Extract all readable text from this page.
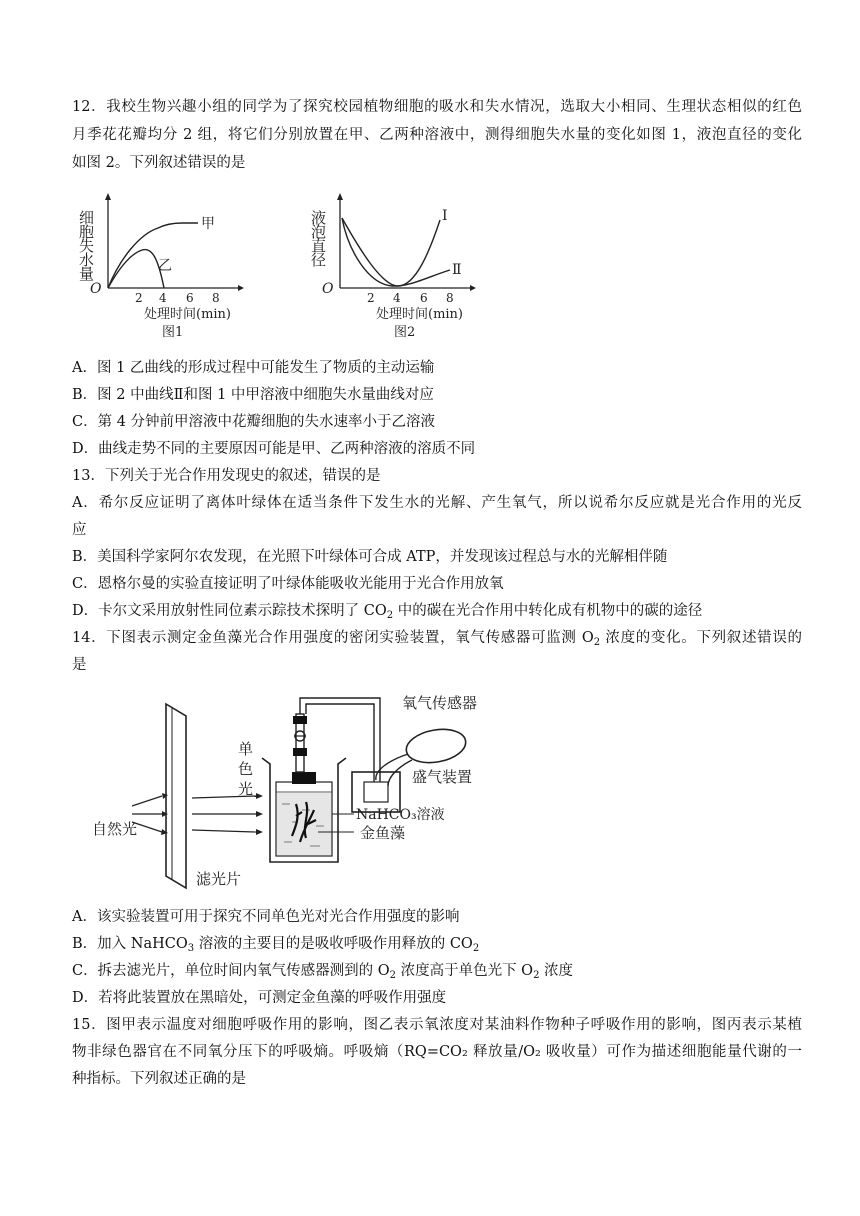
12．我校生物兴趣小组的同学为了探究校园植物细胞的吸水和失水情况，选取大小相同、生理状态相似的红色
月季花花瓣均分 2 组，将它们分别放置在甲、乙两种溶液中，测得细胞失水量的变化如图 1，液泡直径的变化
如图 2。下列叙述错误的是
细胞失水量
O
甲
乙
2 4 6 8
处理时间(min)
图1
液泡直径
O
Ⅰ
Ⅱ
2 4 6 8
处理时间(min)
图2
A．图 1 乙曲线的形成过程中可能发生了物质的主动运输
B．图 2 中曲线Ⅱ和图 1 中甲溶液中细胞失水量曲线对应
C．第 4 分钟前甲溶液中花瓣细胞的失水速率小于乙溶液
D．曲线走势不同的主要原因可能是甲、乙两种溶液的溶质不同
13．下列关于光合作用发现史的叙述，错误的是
A．希尔反应证明了离体叶绿体在适当条件下发生水的光解、产生氧气，所以说希尔反应就是光合作用的光反
应
B．美国科学家阿尔农发现，在光照下叶绿体可合成 ATP，并发现该过程总与水的光解相伴随
C．恩格尔曼的实验直接证明了叶绿体能吸收光能用于光合作用放氧
D．卡尔文采用放射性同位素示踪技术探明了 $CO_2$ 中的碳在光合作用中转化成有机物中的碳的途径
14．下图表示测定金鱼藻光合作用强度的密闭实验装置，氧气传感器可监测 $O_2$ 浓度的变化。下列叙述错误的
是
自然光
滤光片
单
色
光
氧气传感器
盛气装置
NaHCO₃溶液
金鱼藻
A．该实验装置可用于探究不同单色光对光合作用强度的影响
B．加入 NaHCO$_3$ 溶液的主要目的是吸收呼吸作用释放的 $CO_2$
C．拆去滤光片，单位时间内氧气传感器测到的 $O_2$ 浓度高于单色光下 $O_2$ 浓度
D．若将此装置放在黑暗处，可测定金鱼藻的呼吸作用强度
15．图甲表示温度对细胞呼吸作用的影响，图乙表示氧浓度对某油料作物种子呼吸作用的影响，图丙表示某植
物非绿色器官在不同氧分压下的呼吸熵。呼吸熵（RQ=CO₂ 释放量/O₂ 吸收量）可作为描述细胞能量代谢的一
种指标。下列叙述正确的是
